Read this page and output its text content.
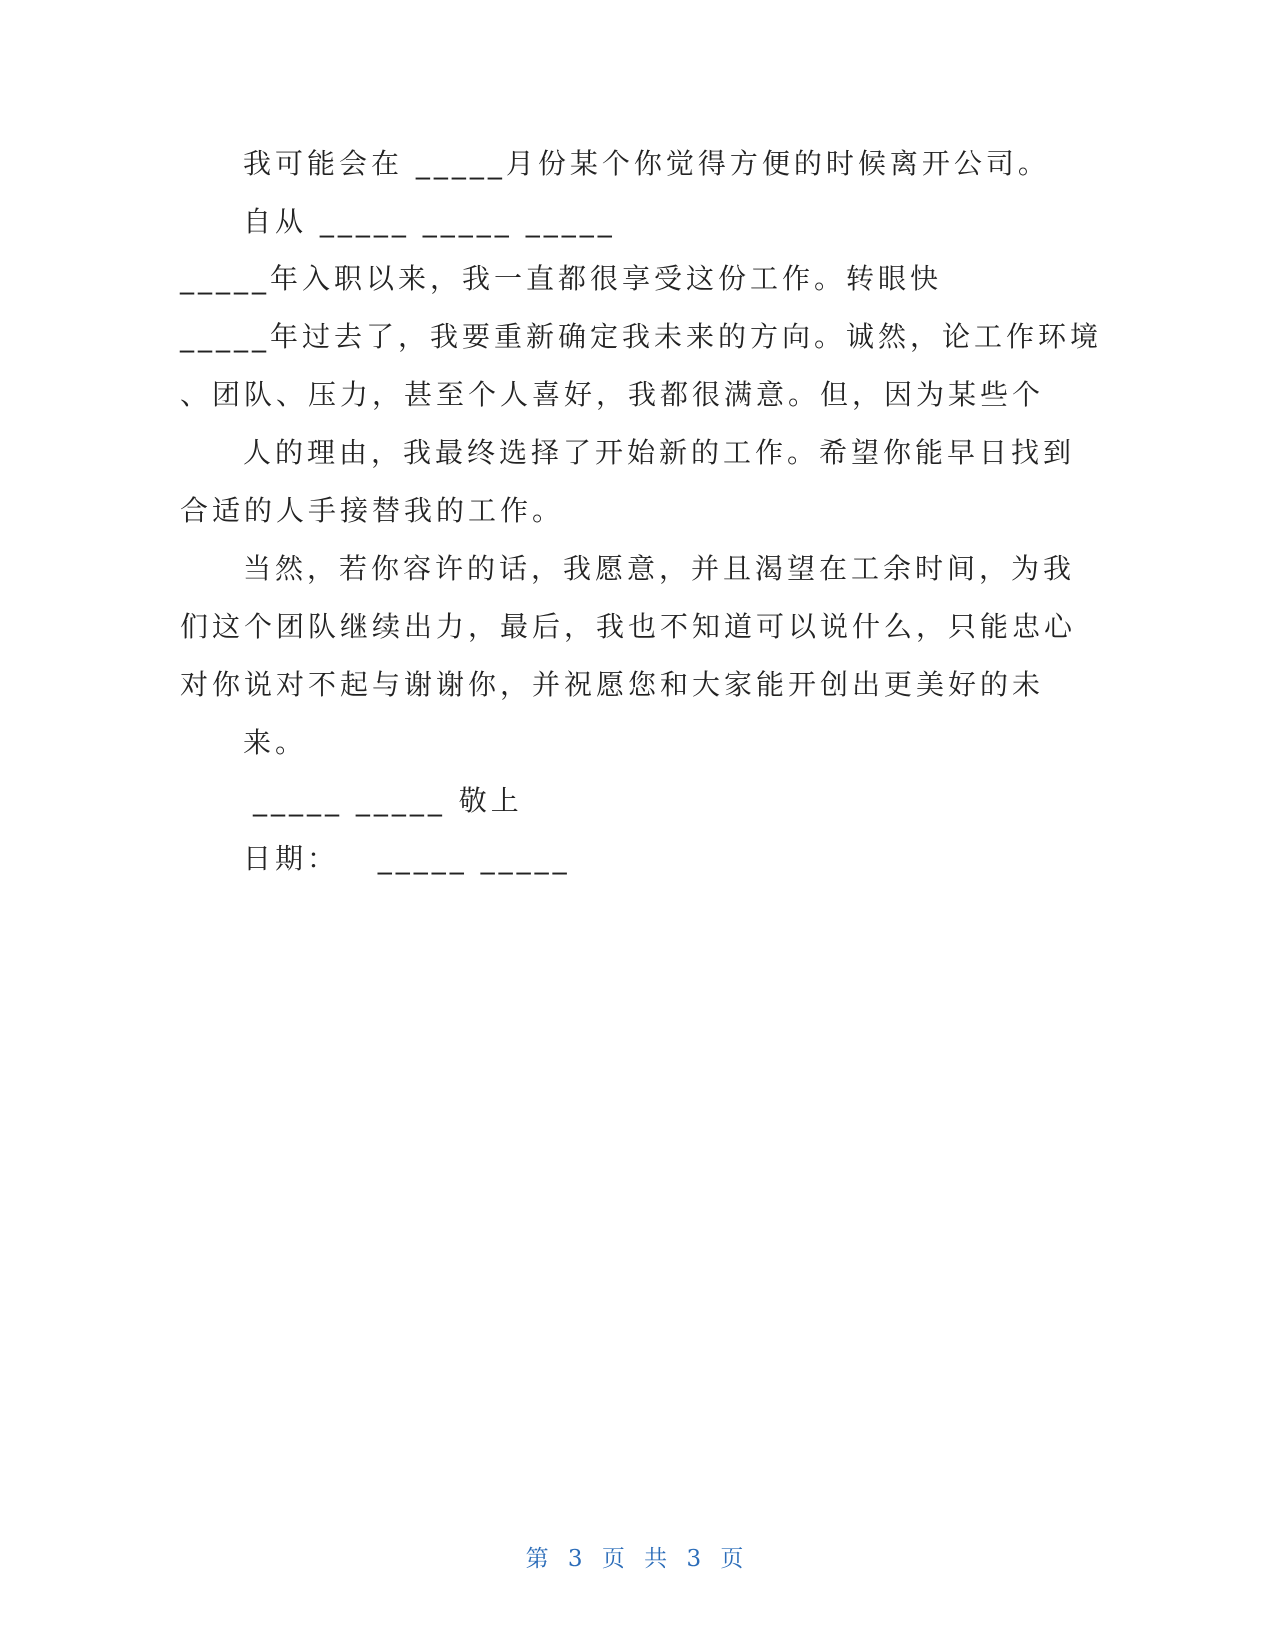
我可能会在 _____月份某个你觉得方便的时候离开公司。
自从 _____ _____ _____
_____年入职以来，我一直都很享受这份工作。转眼快
_____年过去了，我要重新确定我未来的方向。诚然，论工作环境
、团队、压力，甚至个人喜好，我都很满意。但，因为某些个
人的理由，我最终选择了开始新的工作。希望你能早日找到
合适的人手接替我的工作。
当然，若你容许的话，我愿意，并且渴望在工余时间，为我
们这个团队继续出力，最后，我也不知道可以说什么，只能忠心
对你说对不起与谢谢你，并祝愿您和大家能开创出更美好的未
来。
_____ _____ 敬上
日期：   _____ _____
第 3 页 共 3 页
